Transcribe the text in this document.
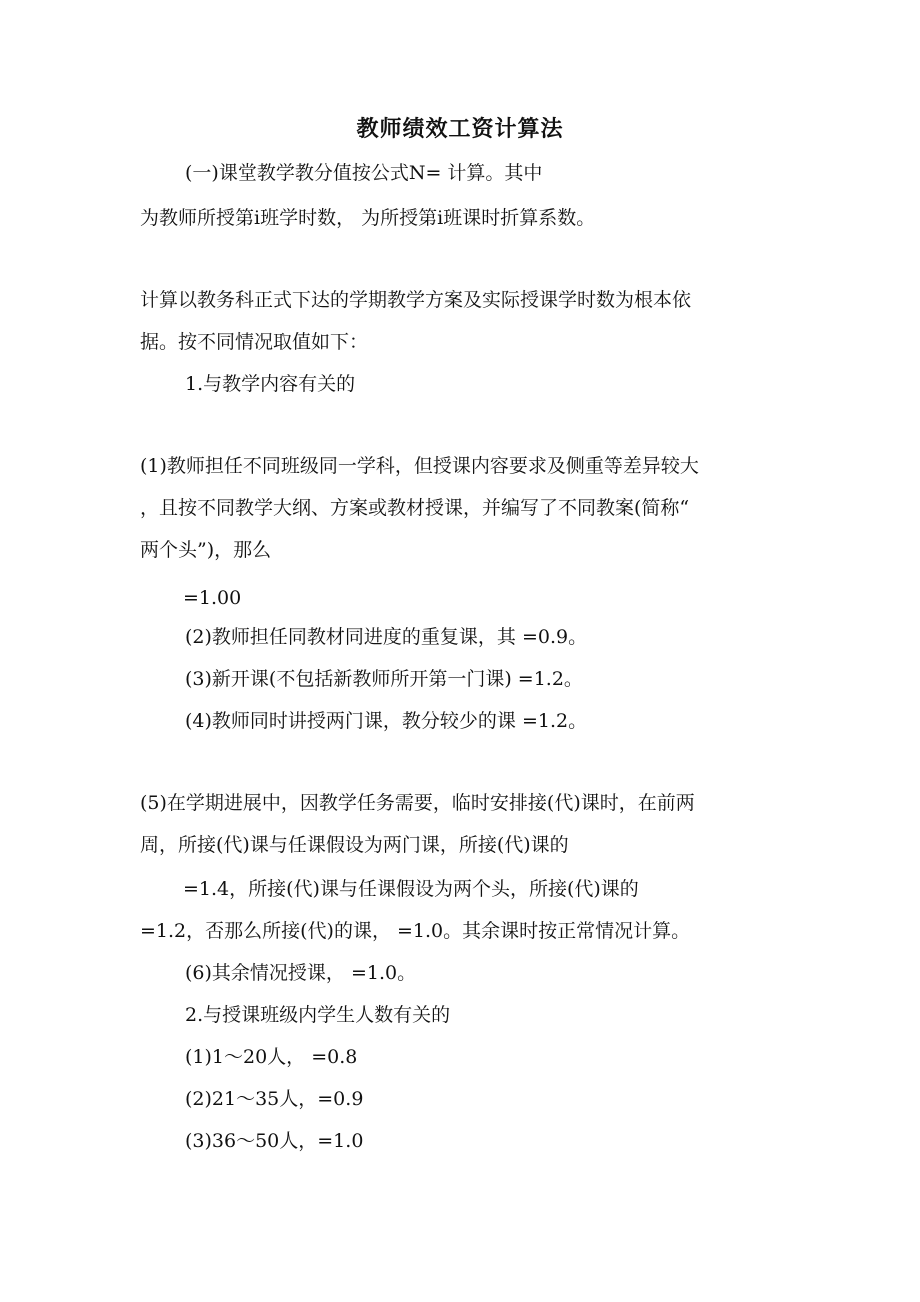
教师绩效工资计算法
(一)课堂教学教分值按公式N= 计算。其中
为教师所授第i班学时数， 为所授第i班课时折算系数。
计算以教务科正式下达的学期教学方案及实际授课学时数为根本依
据。按不同情况取值如下：
1.与教学内容有关的
(1)教师担任不同班级同一学科，但授课内容要求及侧重等差异较大
，且按不同教学大纲、方案或教材授课，并编写了不同教案(简称“
两个头”)，那么
=1.00
(2)教师担任同教材同进度的重复课，其 =0.9。
(3)新开课(不包括新教师所开第一门课) =1.2。
(4)教师同时讲授两门课，教分较少的课 =1.2。
(5)在学期进展中，因教学任务需要，临时安排接(代)课时，在前两
周，所接(代)课与任课假设为两门课，所接(代)课的
=1.4，所接(代)课与任课假设为两个头，所接(代)课的
=1.2，否那么所接(代)的课， =1.0。其余课时按正常情况计算。
(6)其余情况授课， =1.0。
2.与授课班级内学生人数有关的
(1)1～20人， =0.8
(2)21～35人，=0.9
(3)36～50人，=1.0
